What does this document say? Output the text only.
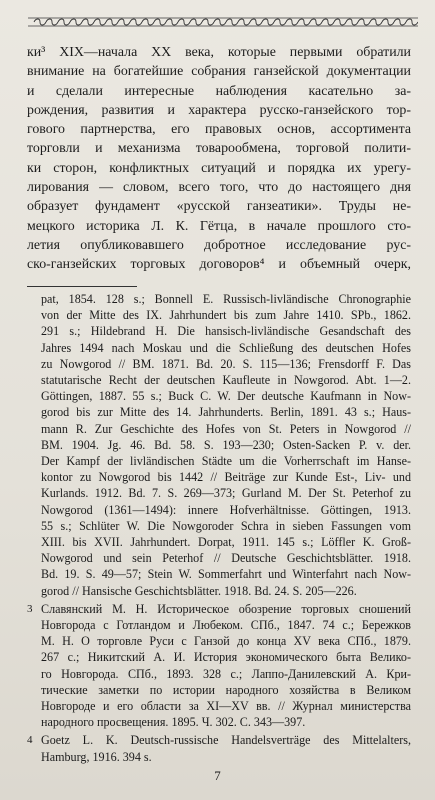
ки³ XIX—начала XX века, которые первыми обратили
внимание на богатейшие собрания ганзейской документации
и сделали интересные наблюдения касательно за-
рождения, развития и характера русско-ганзейского тор-
гового партнерства, его правовых основ, ассортимента
торговли и механизма товарообмена, торговой полити-
ки сторон, конфликтных ситуаций и порядка их урегу-
лирования — словом, всего того, что до настоящего дня
образует фундамент «русской ганзеатики». Труды не-
мецкого историка Л. К. Гётца, в начале прошлого сто-
летия опубликовавшего добротное исследование рус-
ско-ганзейских торговых договоров⁴ и объемный очерк,
pat, 1854. 128 s.; Bonnell E. Russisch-livländische Chronographie
von der Mitte des IX. Jahrhundert bis zum Jahre 1410. SPb., 1862.
291 s.; Hildebrand H. Die hansisch-livländische Gesandschaft des
Jahres 1494 nach Moskau und die Schließung des deutschen Hofes
zu Nowgorod // BM. 1871. Bd. 20. S. 115—136; Frensdorff F. Das
statutarische Recht der deutschen Kaufleute in Nowgorod. Abt. 1—2.
Göttingen, 1887. 55 s.; Buck C. W. Der deutsche Kaufmann in Now-
gorod bis zur Mitte des 14. Jahrhunderts. Berlin, 1891. 43 s.; Haus-
mann R. Zur Geschichte des Hofes von St. Peters in Nowgorod //
BM. 1904. Jg. 46. Bd. 58. S. 193—230; Osten-Sacken P. v. der.
Der Kampf der livländischen Städte um die Vorherrschaft im Hanse-
kontor zu Nowgorod bis 1442 // Beiträge zur Kunde Est-, Liv- und
Kurlands. 1912. Bd. 7. S. 269—373; Gurland M. Der St. Peterhof zu
Nowgorod (1361—1494): innere Hofverhältnisse. Göttingen, 1913.
55 s.; Schlüter W. Die Nowgoroder Schra in sieben Fassungen vom
XIII. bis XVII. Jahrhundert. Dorpat, 1911. 145 s.; Löffler K. Groß-
Nowgorod und sein Peterhof // Deutsche Geschichtsblätter. 1918.
Bd. 19. S. 49—57; Stein W. Sommerfahrt und Winterfahrt nach Now-
gorod // Hansische Geschichtsblätter. 1918. Bd. 24. S. 205—226.
3 Славянский М. Н. Историческое обозрение торговых сношений
Новгорода с Готландом и Любеком. СПб., 1847. 74 с.; Бережков
М. Н. О торговле Руси с Ганзой до конца XV века СПб., 1879.
267 с.; Никитский А. И. История экономического быта Велико-
го Новгорода. СПб., 1893. 328 с.; Лаппо-Данилевский А. Кри-
тические заметки по истории народного хозяйства в Великом
Новгороде и его области за XI—XV вв. // Журнал министерства
народного просвещения. 1895. Ч. 302. С. 343—397.
4 Goetz L. K. Deutsch-russische Handelsverträge des Mittelalters,
Hamburg, 1916. 394 s.
7
